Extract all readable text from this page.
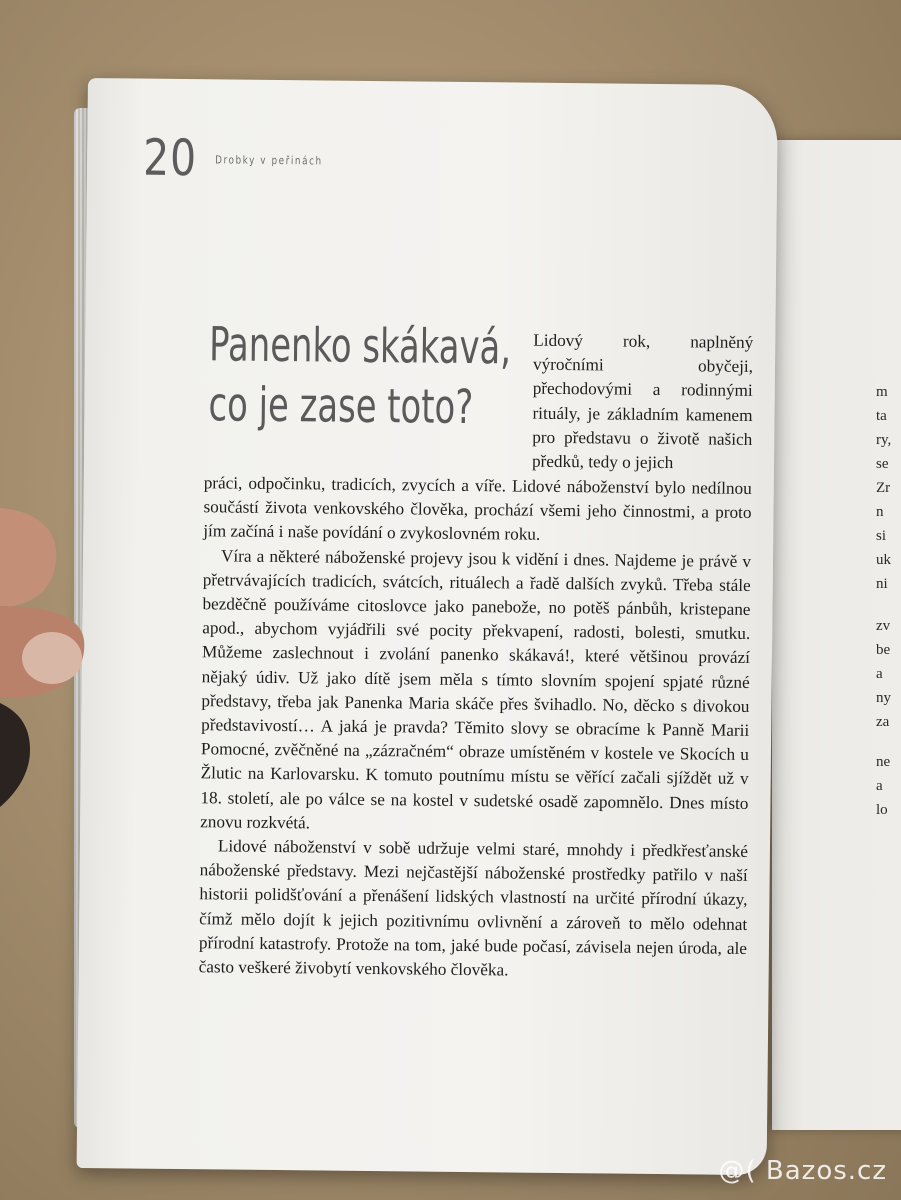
m
ta
ry,
se
Zr
n
si
uk
ni
zv
be
a
ny
za
ne
a
lo
20 Drobky v peřinách
Panenko skákavá,
co je zase toto?

Lidový rok, naplněný výročními obyčeji, přechodovými a rodinnými rituály, je základním kamenem pro představu o životě našich předků, tedy o jejich

práci, odpočinku, tradicích, zvycích a víře. Lidové náboženství bylo nedílnou součástí života venkovského člověka, prochází všemi jeho činnostmi, a proto jím začíná i naše povídání o zvykoslovném roku.

Víra a některé náboženské projevy jsou k vidění i dnes. Najdeme je právě v přetrvávajících tradicích, svátcích, rituálech a řadě dalších zvyků. Třeba stále bezděčně používáme citoslovce jako panebože, no potěš pánbůh, kristepane apod., abychom vyjádřili své pocity překvapení, radosti, bolesti, smutku. Můžeme zaslechnout i zvolání panenko skákavá!, které většinou provází nějaký údiv. Už jako dítě jsem měla s tímto slovním spojení spjaté různé představy, třeba jak Panenka Maria skáče přes švihadlo. No, děcko s divokou představivostí… A jaká je pravda? Těmito slovy se obracíme k Panně Marii Pomocné, zvěčněné na „zázračném“ obraze umístěném v kostele ve Skocích u Žlutic na Karlovarsku. K tomuto poutnímu místu se věřící začali sjíždět už v 18. století, ale po válce se na kostel v sudetské osadě zapomnělo. Dnes místo znovu rozkvétá.

Lidové náboženství v sobě udržuje velmi staré, mnohdy i předkřesťanské náboženské představy. Mezi nejčastější náboženské prostředky patřilo v naší historii polidšťování a přenášení lidských vlastností na určité přírodní úkazy, čímž mělo dojít k jejich pozitivnímu ovlivnění a zároveň to mělo odehnat přírodní katastrofy. Protože na tom, jaké bude počasí, závisela nejen úroda, ale často veškeré živobytí venkovského člověka.

@( Bazos.cz
